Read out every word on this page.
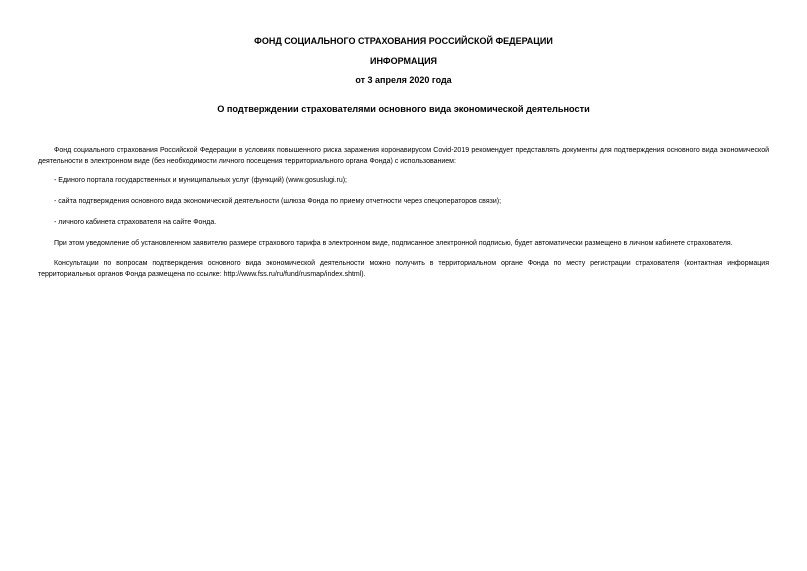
ФОНД СОЦИАЛЬНОГО СТРАХОВАНИЯ РОССИЙСКОЙ ФЕДЕРАЦИИ
ИНФОРМАЦИЯ
от 3 апреля 2020 года
О подтверждении страхователями основного вида экономической деятельности

Фонд социального страхования Российской Федерации в условиях повышенного риска заражения коронавирусом Covid-2019 рекомендует представлять документы для подтверждения основного вида экономической деятельности в электронном виде (без необходимости личного посещения территориального органа Фонда) с использованием:

- Единого портала государственных и муниципальных услуг (функций) (www.gosuslugi.ru);

- сайта подтверждения основного вида экономической деятельности (шлюза Фонда по приему отчетности через спецоператоров связи);

- личного кабинета страхователя на сайте Фонда.

При этом уведомление об установленном заявителю размере страхового тарифа в электронном виде, подписанное электронной подписью, будет автоматически размещено в личном кабинете страхователя.

Консультации по вопросам подтверждения основного вида экономической деятельности можно получить в территориальном органе Фонда по месту регистрации страхователя (контактная информация территориальных органов Фонда размещена по ссылке: http://www.fss.ru/ru/fund/rusmap/index.shtml).
